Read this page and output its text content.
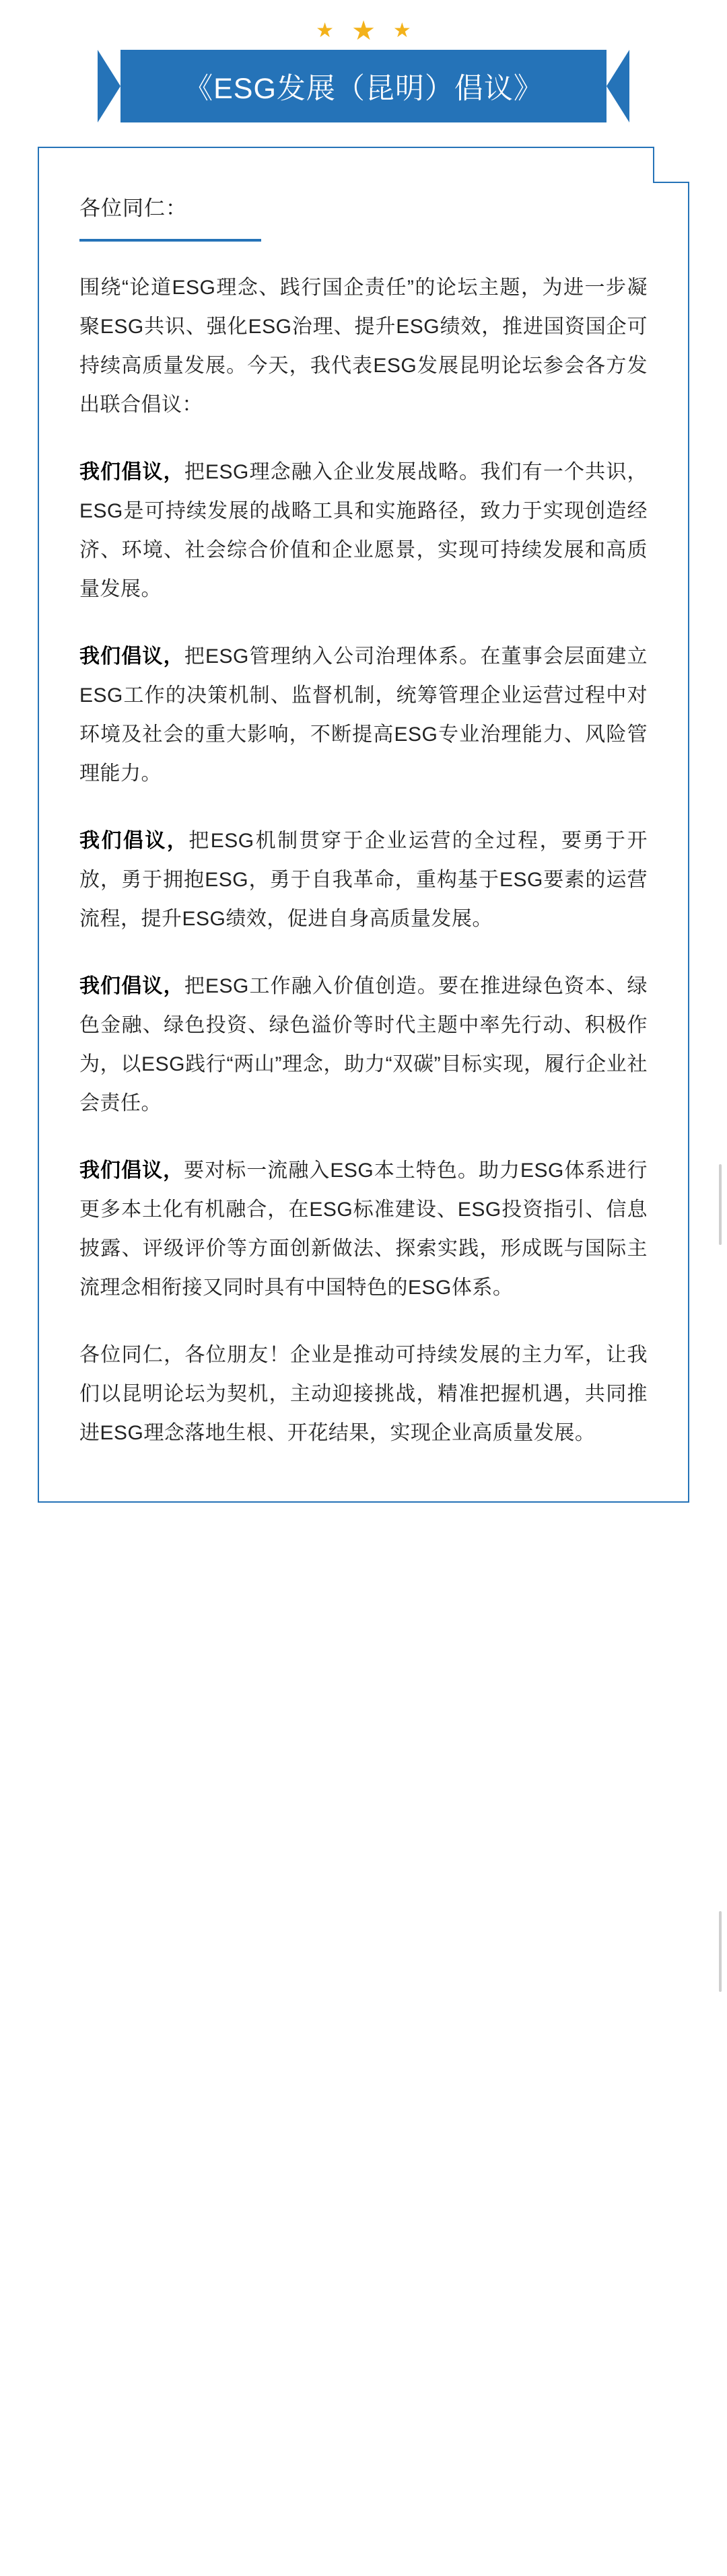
★ ★ ★
《ESG发展（昆明）倡议》
各位同仁：

围绕“论道ESG理念、践行国企责任”的论坛主题，为进一步凝聚ESG共识、强化ESG治理、提升ESG绩效，推进国资国企可持续高质量发展。今天，我代表ESG发展昆明论坛参会各方发出联合倡议：

我们倡议，把ESG理念融入企业发展战略。我们有一个共识，ESG是可持续发展的战略工具和实施路径，致力于实现创造经济、环境、社会综合价值和企业愿景，实现可持续发展和高质量发展。

我们倡议，把ESG管理纳入公司治理体系。在董事会层面建立ESG工作的决策机制、监督机制，统筹管理企业运营过程中对环境及社会的重大影响，不断提高ESG专业治理能力、风险管理能力。

我们倡议，把ESG机制贯穿于企业运营的全过程，要勇于开放，勇于拥抱ESG，勇于自我革命，重构基于ESG要素的运营流程，提升ESG绩效，促进自身高质量发展。

我们倡议，把ESG工作融入价值创造。要在推进绿色资本、绿色金融、绿色投资、绿色溢价等时代主题中率先行动、积极作为，以ESG践行“两山”理念，助力“双碳”目标实现，履行企业社会责任。

我们倡议，要对标一流融入ESG本土特色。助力ESG体系进行更多本土化有机融合，在ESG标准建设、ESG投资指引、信息披露、评级评价等方面创新做法、探索实践，形成既与国际主流理念相衔接又同时具有中国特色的ESG体系。

各位同仁，各位朋友！企业是推动可持续发展的主力军，让我们以昆明论坛为契机，主动迎接挑战，精准把握机遇，共同推进ESG理念落地生根、开花结果，实现企业高质量发展。
